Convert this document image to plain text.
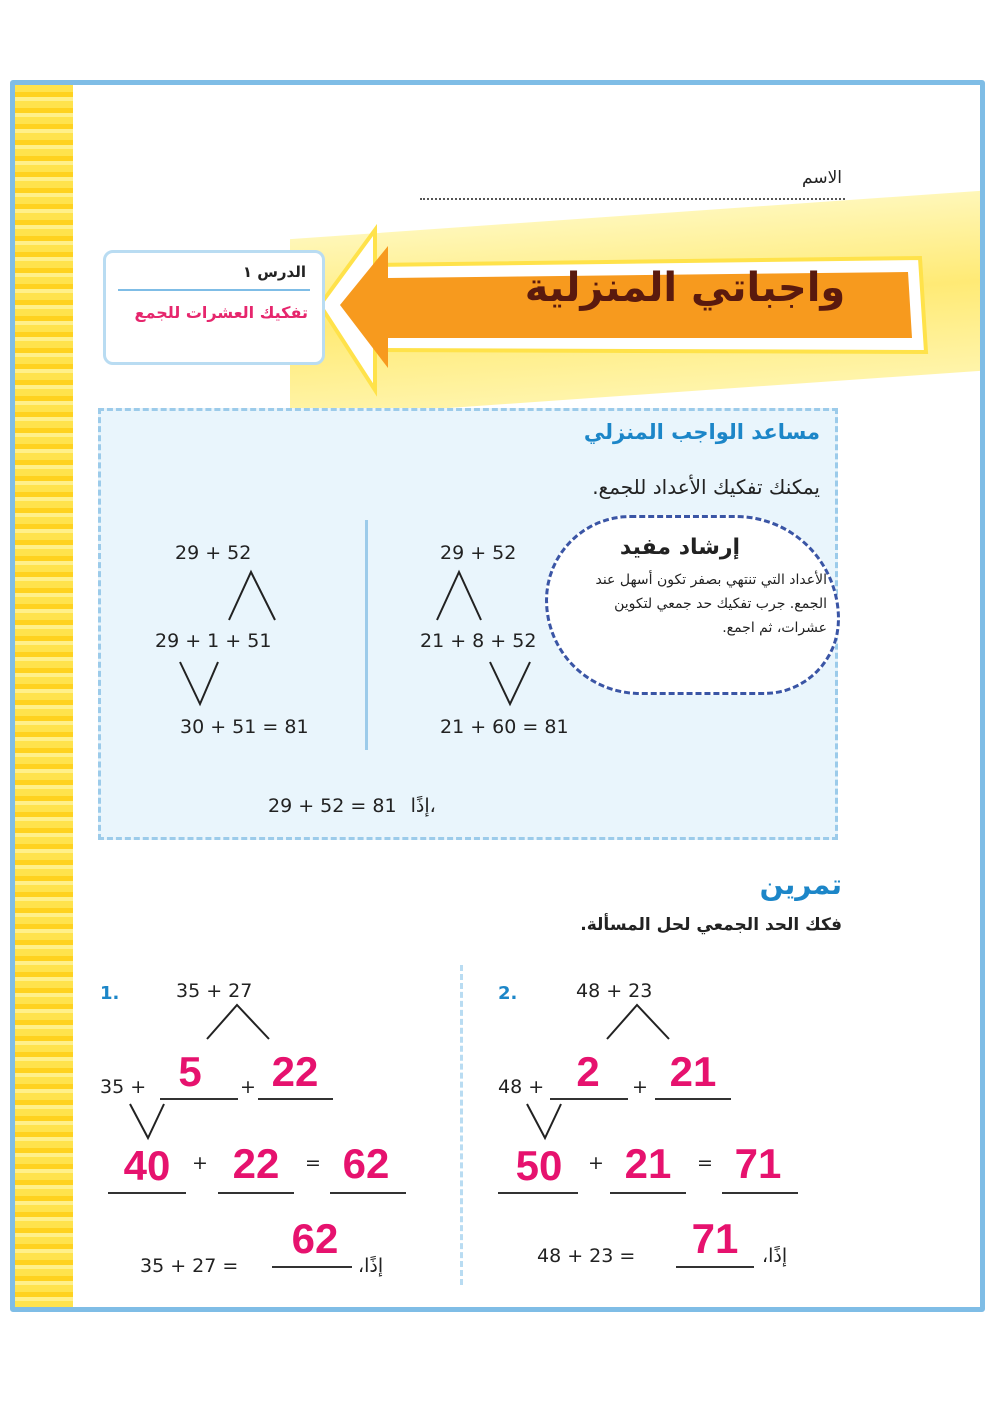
الاسم
واجباتي المنزلية
الدرس ١
تفكيك العشرات للجمع
مساعد الواجب المنزلي
يمكنك تفكيك الأعداد للجمع.
29 + 52
29 + 1 + 51
30 + 51 = 81
29 + 52
21 + 8 + 52
21 + 60 = 81
إرشاد مفيد
الأعداد التي تنتهي بصفر تكون أسهل عند الجمع. جرب تفكيك حد جمعي لتكوين عشرات، ثم اجمع.
29 + 52 = 81 إذًا،
تمرين
فكك الحد الجمعي لحل المسألة.
1.	35 + 27
35 + 5	+ 22
40	+ 22	= 62
35 + 27 =
62
إذًا،
2.	48 + 23
48 + 2	+ 21
50	+ 21	= 71
48 + 23 =	71	إذًا،
